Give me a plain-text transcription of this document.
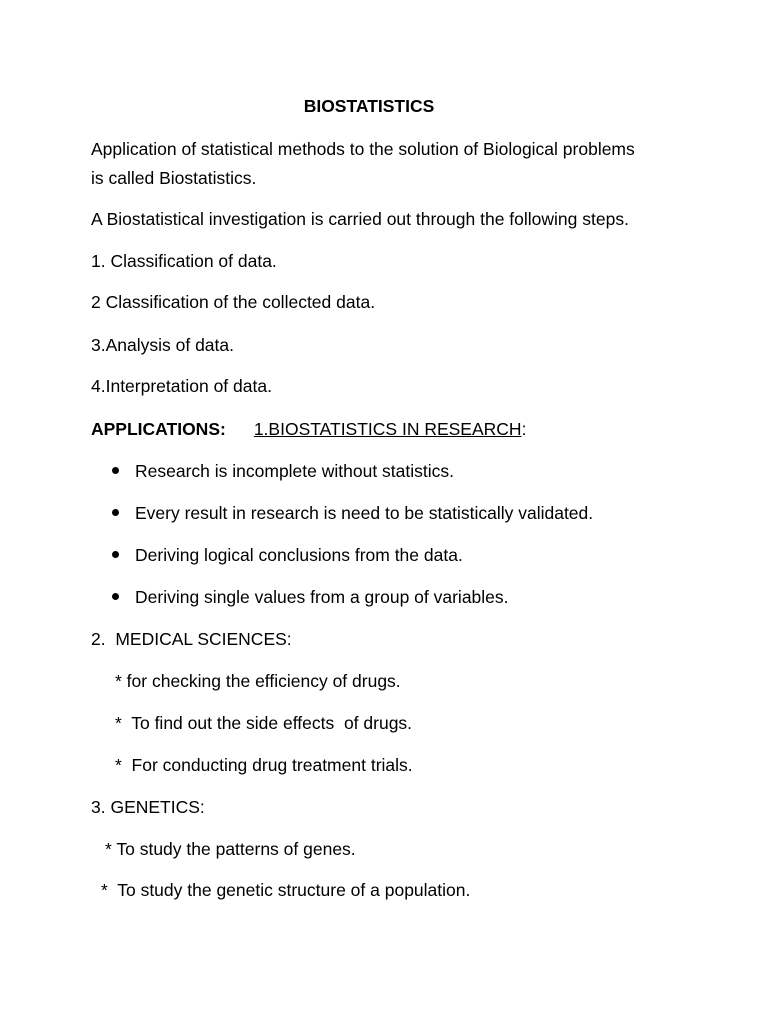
BIOSTATISTICS
Application of statistical methods to the solution of Biological problems
is called Biostatistics.
A Biostatistical investigation is carried out through the following steps.
1. Classification of data.
2 Classification of the collected data.
3.Analysis of data.
4.Interpretation of data.
APPLICATIONS: 1.BIOSTATISTICS IN RESEARCH:
Research is incomplete without statistics.
Every result in research is need to be statistically validated.
Deriving logical conclusions from the data.
Deriving single values from a group of variables.
2.  MEDICAL SCIENCES:
* for checking the efficiency of drugs.
*  To find out the side effects  of drugs.
*  For conducting drug treatment trials.
3. GENETICS:
* To study the patterns of genes.
*  To study the genetic structure of a population.
